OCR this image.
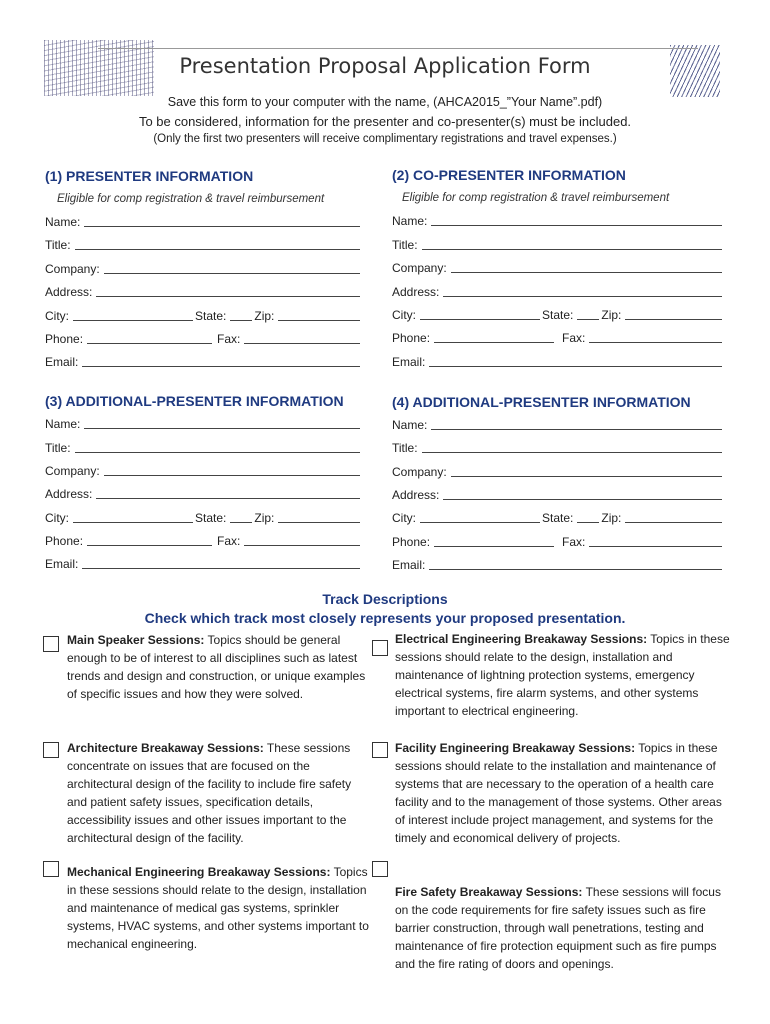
Presentation Proposal Application Form
Save this form to your computer with the name, (AHCA2015_”Your Name”.pdf)
To be considered, information for the presenter and co-presenter(s) must be included.
(Only the first two presenters will receive complimentary registrations and travel expenses.)
(1) PRESENTER INFORMATION
Eligible for comp registration & travel reimbursement
Name:
Title:
Company:
Address:
City:	State:	Zip:
Phone:	Fax:
Email:
(2) CO-PRESENTER INFORMATION
Eligible for comp registration & travel reimbursement
Name:
Title:
Company:
Address:
City:	State:	Zip:
Phone:	Fax:
Email:
(3) ADDITIONAL-PRESENTER INFORMATION
Name:
Title:
Company:
Address:
City:	State:	Zip:
Phone:	Fax:
Email:
(4) ADDITIONAL-PRESENTER INFORMATION
Name:
Title:
Company:
Address:
City:	State:	Zip:
Phone:	Fax:
Email:
Track Descriptions
Check which track most closely represents your proposed presentation.
Main Speaker Sessions: Topics should be general enough to be of interest to all disciplines such as latest trends and design and construction, or unique examples of specific issues and how they were solved.
Electrical Engineering Breakaway Sessions: Topics in these sessions should relate to the design, installation and maintenance of lightning protection systems, emergency electrical systems, fire alarm systems, and other systems important to electrical engineering.
Architecture Breakaway Sessions: These sessions concentrate on issues that are focused on the architectural design of the facility to include fire safety and patient safety issues, specification details, accessibility issues and other issues important to the architectural design of the facility.
Facility Engineering Breakaway Sessions: Topics in these sessions should relate to the installation and maintenance of systems that are necessary to the operation of a health care facility and to the management of those systems. Other areas of interest include project management, and systems for the timely and economical delivery of projects.
Mechanical Engineering Breakaway Sessions: Topics in these sessions should relate to the design, installation and maintenance of medical gas systems, sprinkler systems, HVAC systems, and other systems important to mechanical engineering.
Fire Safety Breakaway Sessions: These sessions will focus on the code requirements for fire safety issues such as fire barrier construction, through wall penetrations, testing and maintenance of fire protection equipment such as fire pumps and the fire rating of doors and openings.
